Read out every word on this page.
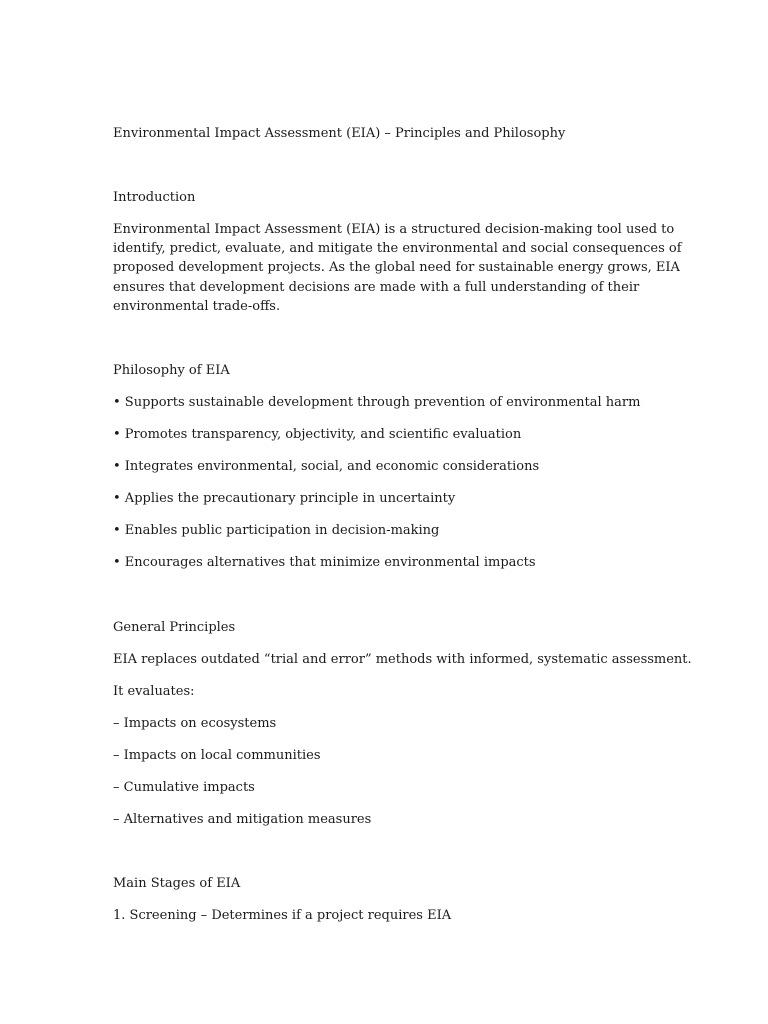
Environmental Impact Assessment (EIA) – Principles and Philosophy
Introduction
Environmental Impact Assessment (EIA) is a structured decision-making tool used to
identify, predict, evaluate, and mitigate the environmental and social consequences of
proposed development projects. As the global need for sustainable energy grows, EIA
ensures that development decisions are made with a full understanding of their
environmental trade-offs.
Philosophy of EIA
• Supports sustainable development through prevention of environmental harm
• Promotes transparency, objectivity, and scientific evaluation
• Integrates environmental, social, and economic considerations
• Applies the precautionary principle in uncertainty
• Enables public participation in decision-making
• Encourages alternatives that minimize environmental impacts
General Principles
EIA replaces outdated “trial and error” methods with informed, systematic assessment.
It evaluates:
– Impacts on ecosystems
– Impacts on local communities
– Cumulative impacts
– Alternatives and mitigation measures
Main Stages of EIA
1. Screening – Determines if a project requires EIA
